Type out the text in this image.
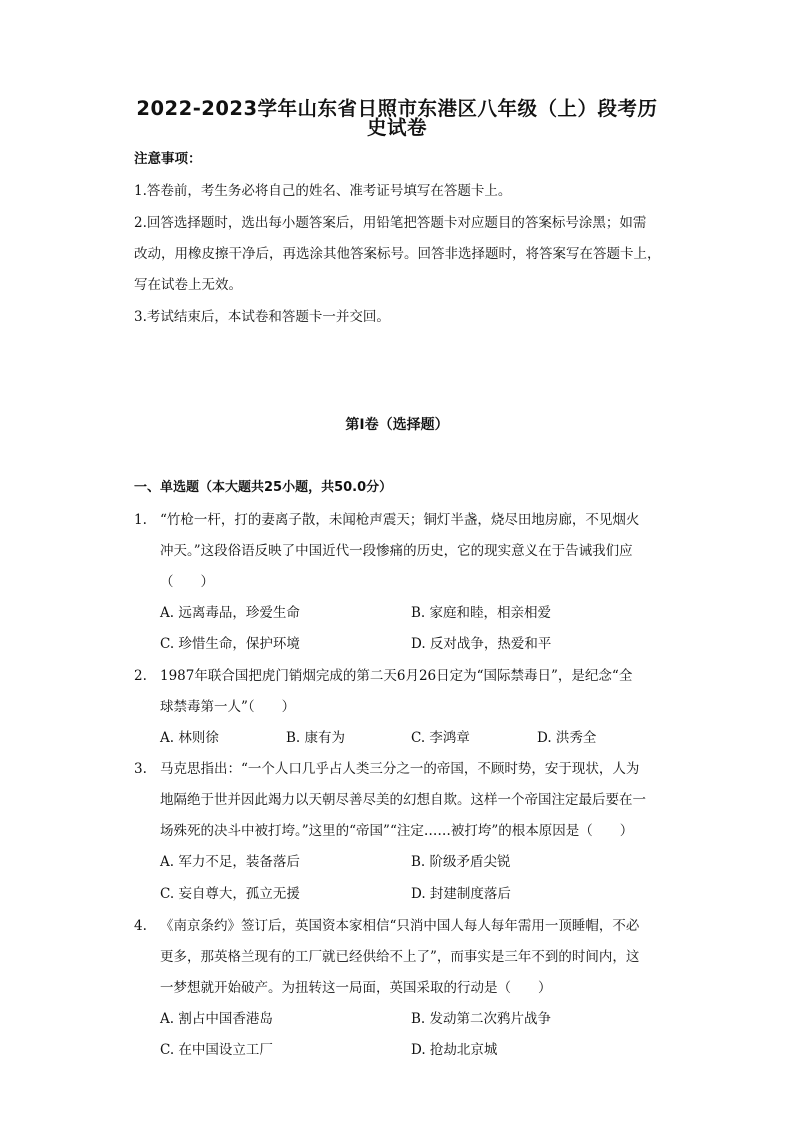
2022-2023学年山东省日照市东港区八年级（上）段考历
史试卷
注意事项：
1.答卷前，考生务必将自己的姓名、准考证号填写在答题卡上。
2.回答选择题时，选出每小题答案后，用铅笔把答题卡对应题目的答案标号涂黑；如需
改动，用橡皮擦干净后，再选涂其他答案标号。回答非选择题时，将答案写在答题卡上，
写在试卷上无效。
3.考试结束后，本试卷和答题卡一并交回。
第Ⅰ卷（选择题）
一、单选题（本大题共25小题，共50.0分）
1. “竹枪一杆，打的妻离子散，未闻枪声震天；铜灯半盏，烧尽田地房廊，不见烟火
冲天。”这段俗语反映了中国近代一段惨痛的历史，它的现实意义在于告诫我们应
（　　）
A. 远离毒品，珍爱生命	B. 家庭和睦，相亲相爱
C. 珍惜生命，保护环境	D. 反对战争，热爱和平
2. 1987年联合国把虎门销烟完成的第二天6月26日定为“国际禁毒日”，是纪念“全
球禁毒第一人”（　　）
A. 林则徐	B. 康有为	C. 李鸿章	D. 洪秀全
3. 马克思指出：“一个人口几乎占人类三分之一的帝国，不顾时势，安于现状，人为
地隔绝于世并因此竭力以天朝尽善尽美的幻想自欺。这样一个帝国注定最后要在一
场殊死的决斗中被打垮。”这里的“帝国”“注定……被打垮”的根本原因是（　　）
A. 军力不足，装备落后	B. 阶级矛盾尖锐
C. 妄自尊大，孤立无援	D. 封建制度落后
4. 《南京条约》签订后，英国资本家相信“只消中国人每人每年需用一顶睡帽，不必
更多，那英格兰现有的工厂就已经供给不上了”，而事实是三年不到的时间内，这
一梦想就开始破产。为扭转这一局面，英国采取的行动是（　　）
A. 割占中国香港岛	B. 发动第二次鸦片战争
C. 在中国设立工厂	D. 抢劫北京城
